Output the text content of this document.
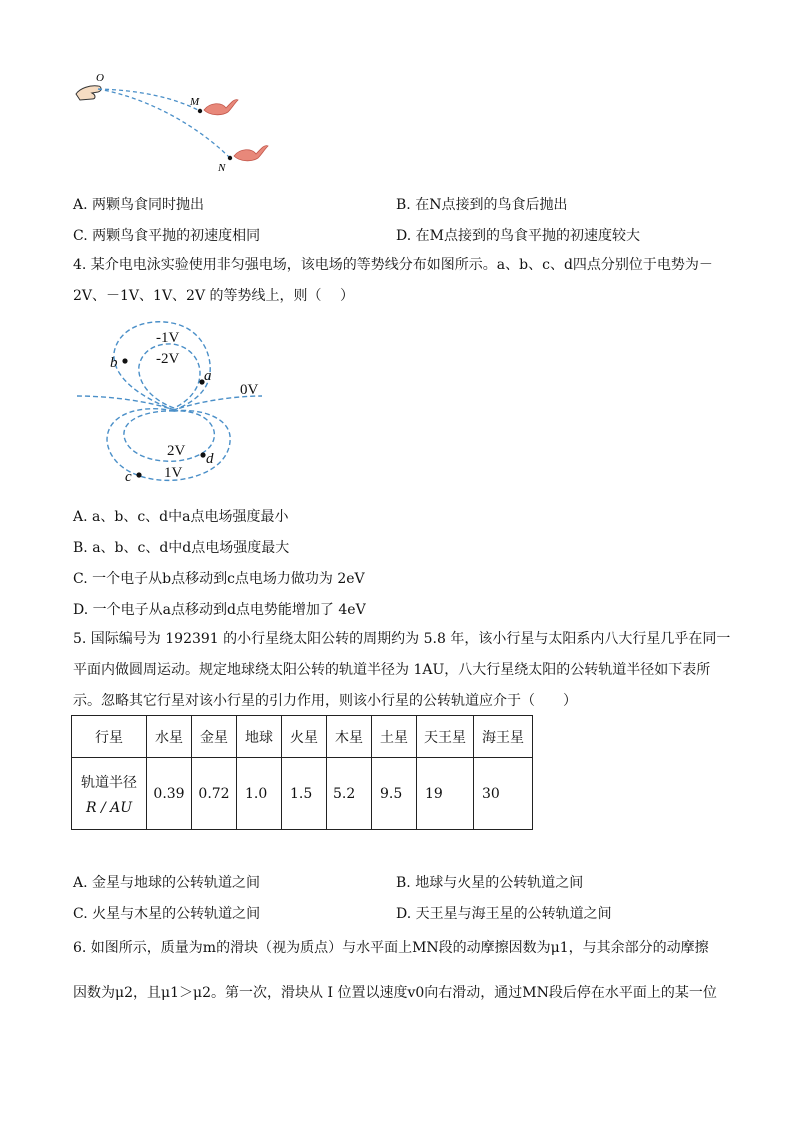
O
M
N
A. 两颗鸟食同时抛出	B. 在N点接到的鸟食后抛出
C. 两颗鸟食平抛的初速度相同	D. 在M点接到的鸟食平抛的初速度较大
4. 某介电电泳实验使用非匀强电场，该电场的等势线分布如图所示。a、b、c、d四点分别位于电势为－
2V、－1V、1V、2V 的等势线上，则（　 ）
-1V
-2V
0V
2V
1V
a
b
c
d
A. a、b、c、d中a点电场强度最小
B. a、b、c、d中d点电场强度最大
C. 一个电子从b点移动到c点电场力做功为 2eV
D. 一个电子从a点移动到d点电势能增加了 4eV
5. 国际编号为 192391 的小行星绕太阳公转的周期约为 5.8 年，该小行星与太阳系内八大行星几乎在同一
平面内做圆周运动。规定地球绕太阳公转的轨道半径为 1AU，八大行星绕太阳的公转轨道半径如下表所
示。忽略其它行星对该小行星的引力作用，则该小行星的公转轨道应介于（　　）
行星	水星	金星	地球	火星	木星	土星	天王星	海王星

轨道半径
R / AU	0.39	0.72	1.0	1.5	5.2	9.5	19	30
A. 金星与地球的公转轨道之间	B. 地球与火星的公转轨道之间
C. 火星与木星的公转轨道之间	D. 天王星与海王星的公转轨道之间
6. 如图所示，质量为m的滑块（视为质点）与水平面上MN段的动摩擦因数为μ1，与其余部分的动摩擦
因数为μ2，且μ1＞μ2。第一次，滑块从 I 位置以速度v0向右滑动，通过MN段后停在水平面上的某一位
